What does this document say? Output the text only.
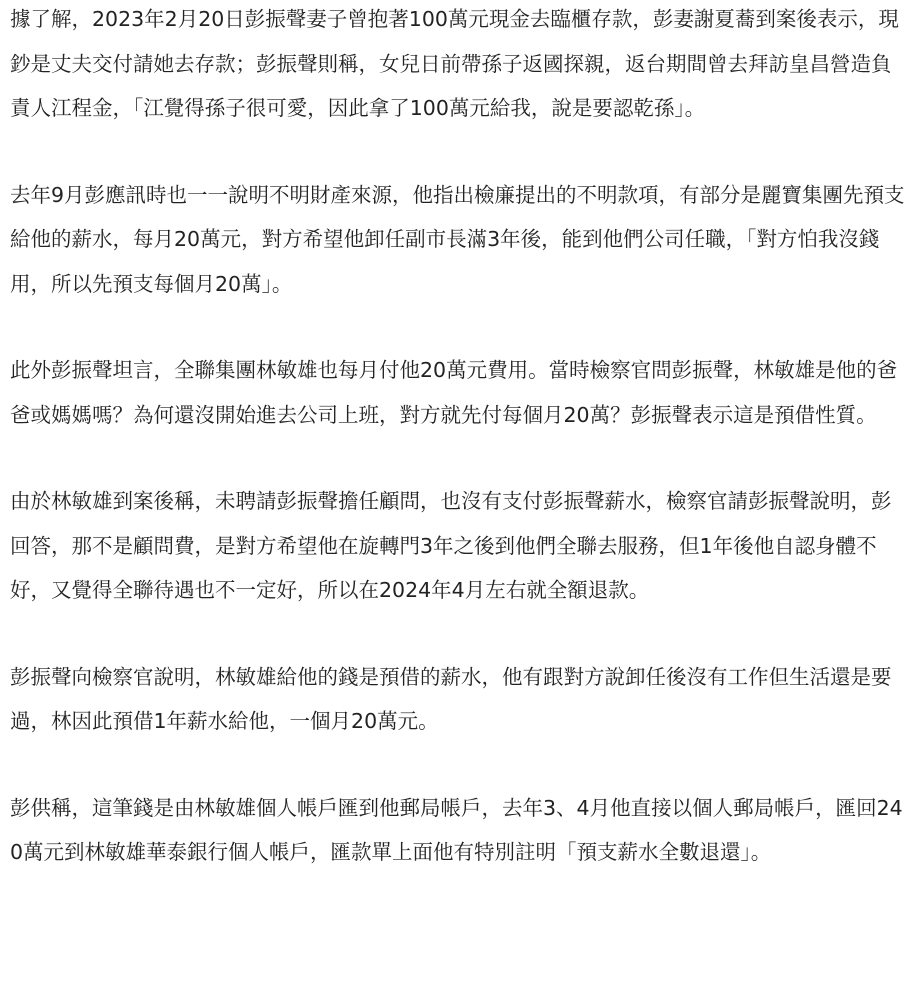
據了解，2023年2月20日彭振聲妻子曾抱著100萬元現金去臨櫃存款，彭妻謝夏蕎到案後表示，現鈔是丈夫交付請她去存款；彭振聲則稱，女兒日前帶孫子返國探親，返台期間曾去拜訪皇昌營造負責人江程金，「江覺得孫子很可愛，因此拿了100萬元給我，說是要認乾孫」。

去年9月彭應訊時也一一說明不明財產來源，他指出檢廉提出的不明款項，有部分是麗寶集團先預支給他的薪水，每月20萬元，對方希望他卸任副市長滿3年後，能到他們公司任職，「對方怕我沒錢用，所以先預支每個月20萬」。

此外彭振聲坦言，全聯集團林敏雄也每月付他20萬元費用。當時檢察官問彭振聲，林敏雄是他的爸爸或媽媽嗎？為何還沒開始進去公司上班，對方就先付每個月20萬？彭振聲表示這是預借性質。

由於林敏雄到案後稱，未聘請彭振聲擔任顧問，也沒有支付彭振聲薪水，檢察官請彭振聲說明，彭回答，那不是顧問費，是對方希望他在旋轉門3年之後到他們全聯去服務，但1年後他自認身體不好，又覺得全聯待遇也不一定好，所以在2024年4月左右就全額退款。

彭振聲向檢察官說明，林敏雄給他的錢是預借的薪水，他有跟對方說卸任後沒有工作但生活還是要過，林因此預借1年薪水給他，一個月20萬元。

彭供稱，這筆錢是由林敏雄個人帳戶匯到他郵局帳戶，去年3、4月他直接以個人郵局帳戶，匯回240萬元到林敏雄華泰銀行個人帳戶，匯款單上面他有特別註明「預支薪水全數退還」。
